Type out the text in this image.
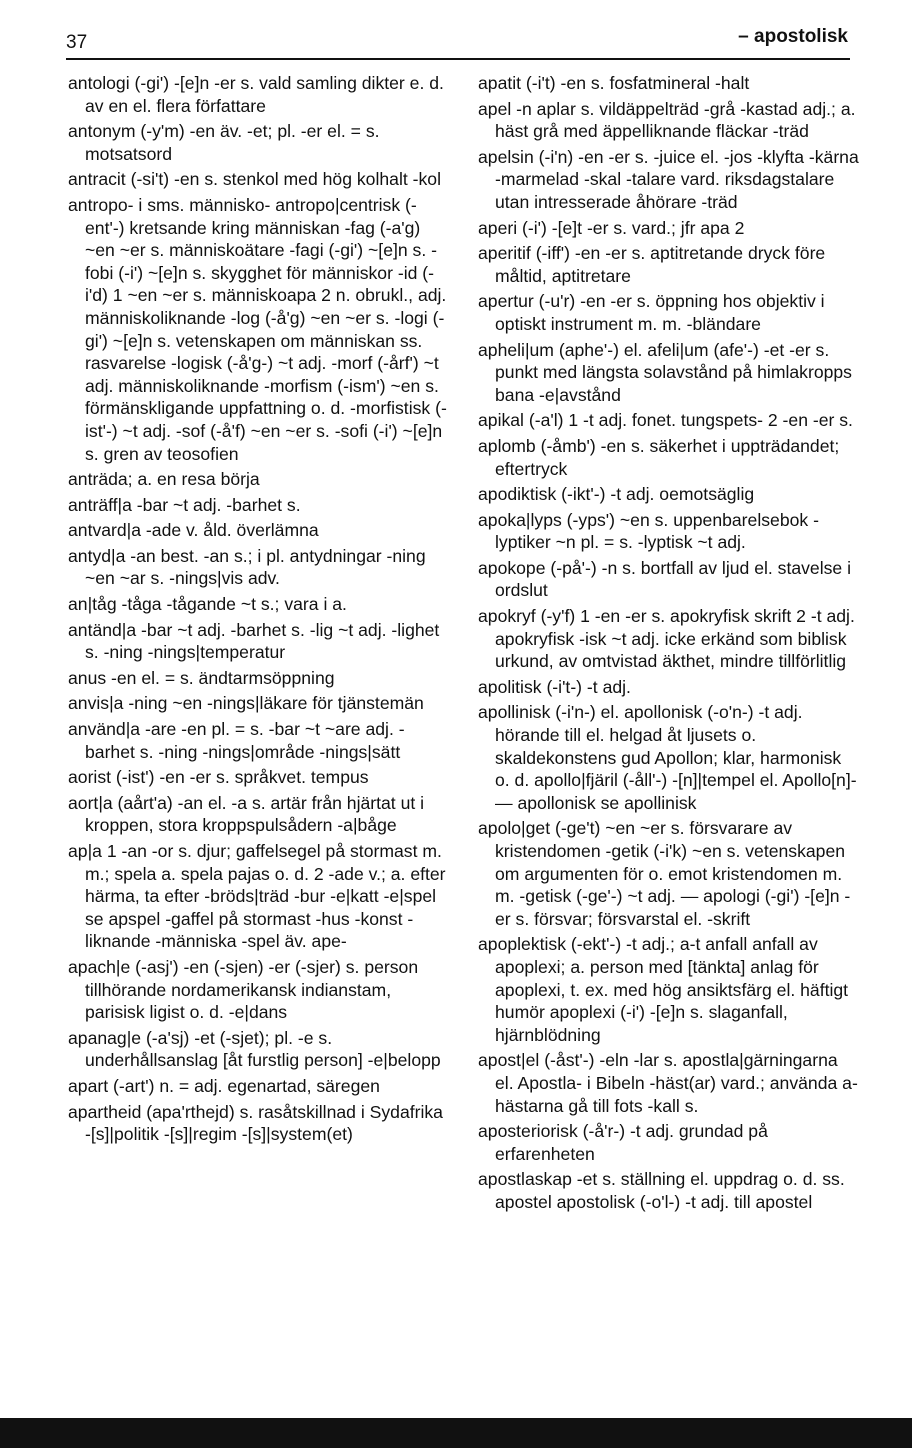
37	– apostolisk
antologi (-gi') -[e]n -er s. vald samling dikter e. d. av en el. flera författare
antonym (-y'm) -en äv. -et; pl. -er el. = s. motsatsord
antracit (-si't) -en s. stenkol med hög kolhalt -kol
antropo- i sms. människo- antropo|centrisk (-ent'-) kretsande kring människan -fag (-a'g) ~en ~er s. människoätare -fagi (-gi') ~[e]n s. -fobi (-i') ~[e]n s. skygghet för människor -id (-i'd) 1 ~en ~er s. människoapa 2 n. obrukl., adj. människoliknande -log (-å'g) ~en ~er s. -logi (-gi') ~[e]n s. vetenskapen om människan ss. rasvarelse -logisk (-å'g-) ~t adj. -morf (-årf') ~t adj. människoliknande -morfism (-ism') ~en s. förmänskligande uppfattning o. d. -morfistisk (-ist'-) ~t adj. -sof (-å'f) ~en ~er s. -sofi (-i') ~[e]n s. gren av teosofien
anträda; a. en resa börja
anträff|a -bar ~t adj. -barhet s.
antvard|a -ade v. åld. överlämna
antyd|a -an best. -an s.; i pl. antydningar -ning ~en ~ar s. -nings|vis adv.
an|tåg -tåga -tågande ~t s.; vara i a.
antänd|a -bar ~t adj. -barhet s. -lig ~t adj. -lighet s. -ning -nings|temperatur
anus -en el. = s. ändtarmsöppning
anvis|a -ning ~en -nings|läkare för tjänstemän
använd|a -are -en pl. = s. -bar ~t ~are adj. -barhet s. -ning -nings|område -nings|sätt
aorist (-ist') -en -er s. språkvet. tempus
aort|a (aårt'a) -an el. -a s. artär från hjärtat ut i kroppen, stora kroppspulsådern -a|båge
ap|a 1 -an -or s. djur; gaffelsegel på stormast m. m.; spela a. spela pajas o. d. 2 -ade v.; a. efter härma, ta efter -bröds|träd -bur -e|katt -e|spel se apspel -gaffel på stormast -hus -konst -liknande -människa -spel äv. ape-
apach|e (-asj') -en (-sjen) -er (-sjer) s. person tillhörande nordamerikansk indianstam, parisisk ligist o. d. -e|dans
apanag|e (-a'sj) -et (-sjet); pl. -e s. underhållsanslag [åt furstlig person] -e|belopp
apart (-art') n. = adj. egenartad, säregen
apartheid (apa'rthejd) s. rasåtskillnad i Sydafrika -[s]|politik -[s]|regim -[s]|system(et)
apatit (-i't) -en s. fosfatmineral -halt
apel -n aplar s. vildäppelträd -grå -kastad adj.; a. häst grå med äppelliknande fläckar -träd
apelsin (-i'n) -en -er s. -juice el. -jos -klyfta -kärna -marmelad -skal -talare vard. riksdagstalare utan intresserade åhörare -träd
aperi (-i') -[e]t -er s. vard.; jfr apa 2
aperitif (-iff') -en -er s. aptitretande dryck före måltid, aptitretare
apertur (-u'r) -en -er s. öppning hos objektiv i optiskt instrument m. m. -bländare
apheli|um (aphe'-) el. afeli|um (afe'-) -et -er s. punkt med längsta solavstånd på himlakropps bana -e|avstånd
apikal (-a'l) 1 -t adj. fonet. tungspets- 2 -en -er s.
aplomb (-åmb') -en s. säkerhet i uppträdandet; eftertryck
apodiktisk (-ikt'-) -t adj. oemotsäglig
apoka|lyps (-yps') ~en s. uppenbarelsebok -lyptiker ~n pl. = s. -lyptisk ~t adj.
apokope (-på'-) -n s. bortfall av ljud el. stavelse i ordslut
apokryf (-y'f) 1 -en -er s. apokryfisk skrift 2 -t adj. apokryfisk -isk ~t adj. icke erkänd som biblisk urkund, av omtvistad äkthet, mindre tillförlitlig
apolitisk (-i't-) -t adj.
apollinisk (-i'n-) el. apollonisk (-o'n-) -t adj. hörande till el. helgad åt ljusets o. skaldekonstens gud Apollon; klar, harmonisk o. d. apollo|fjäril (-åll'-) -[n]|tempel el. Apollo[n]- — apollonisk se apollinisk
apolo|get (-ge't) ~en ~er s. försvarare av kristendomen -getik (-i'k) ~en s. vetenskapen om argumenten för o. emot kristendomen m. m. -getisk (-ge'-) ~t adj. — apologi (-gi') -[e]n -er s. försvar; försvarstal el. -skrift
apoplektisk (-ekt'-) -t adj.; a-t anfall anfall av apoplexi; a. person med [tänkta] anlag för apoplexi, t. ex. med hög ansiktsfärg el. häftigt humör apoplexi (-i') -[e]n s. slaganfall, hjärnblödning
apost|el (-åst'-) -eln -lar s. apostla|gärningarna el. Apostla- i Bibeln -häst(ar) vard.; använda a-hästarna gå till fots -kall s.
aposteriorisk (-å'r-) -t adj. grundad på erfarenheten
apostlaskap -et s. ställning el. uppdrag o. d. ss. apostel apostolisk (-o'l-) -t adj. till apostel
